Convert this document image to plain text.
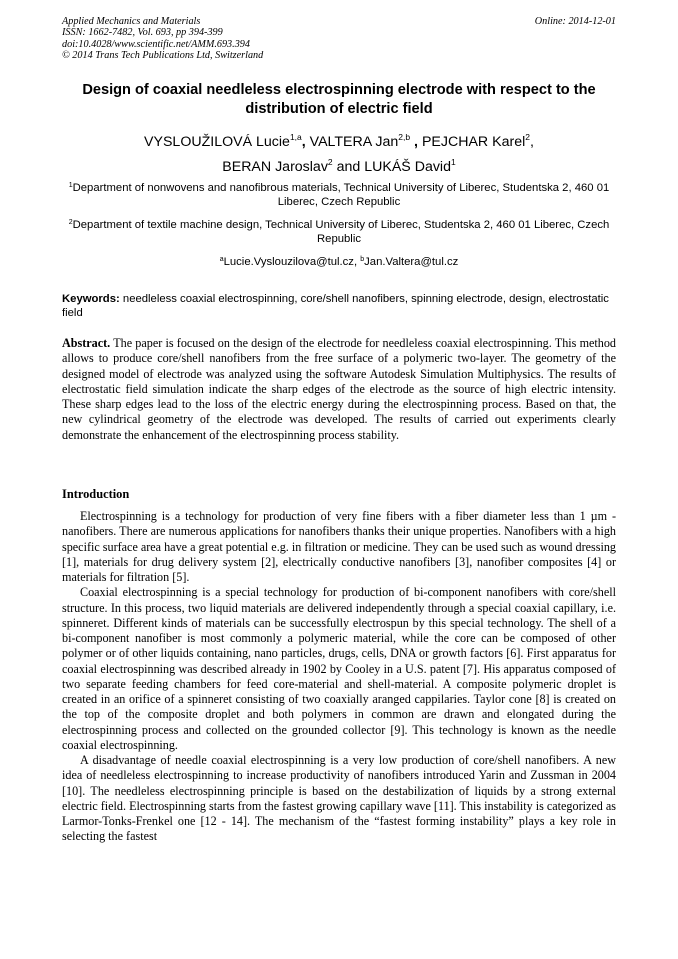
Applied Mechanics and Materials
ISSN: 1662-7482, Vol. 693, pp 394-399
doi:10.4028/www.scientific.net/AMM.693.394
© 2014 Trans Tech Publications Ltd, Switzerland
Online: 2014-12-01
Design of coaxial needleless electrospinning electrode with respect to the distribution of electric field
VYSLOUŽILOVÁ Lucie$^{1,a}$, VALTERA Jan$^{2,b}$ , PEJCHAR Karel$^2$,
BERAN Jaroslav$^2$ and LUKÁŠ David$^1$
$^1$Department of nonwovens and nanofibrous materials, Technical University of Liberec, Studentska 2, 460 01 Liberec, Czech Republic
$^2$Department of textile machine design, Technical University of Liberec, Studentska 2, 460 01 Liberec, Czech Republic
$^a$Lucie.Vyslouzilova@tul.cz, $^b$Jan.Valtera@tul.cz
Keywords: needleless coaxial electrospinning, core/shell nanofibers, spinning electrode, design, electrostatic field
Abstract. The paper is focused on the design of the electrode for needleless coaxial electrospinning. This method allows to produce core/shell nanofibers from the free surface of a polymeric two-layer. The geometry of the designed model of electrode was analyzed using the software Autodesk Simulation Multiphysics. The results of electrostatic field simulation indicate the sharp edges of the electrode as the source of high electric intensity. These sharp edges lead to the loss of the electric energy during the electrospinning process. Based on that, the new cylindrical geometry of the electrode was developed. The results of carried out experiments clearly demonstrate the enhancement of the electrospinning process stability.
Introduction

Electrospinning is a technology for production of very fine fibers with a fiber diameter less than 1 µm - nanofibers. There are numerous applications for nanofibers thanks their unique properties. Nanofibers with a high specific surface area have a great potential e.g. in filtration or medicine. They can be used such as wound dressing [1], materials for drug delivery system [2], electrically conductive nanofibers [3], nanofiber composites [4] or materials for filtration [5].

Coaxial electrospinning is a special technology for production of bi-component nanofibers with core/shell structure. In this process, two liquid materials are delivered independently through a special coaxial capillary, i.e. spinneret. Different kinds of materials can be successfully electrospun by this special technology. The shell of a bi-component nanofiber is most commonly a polymeric material, while the core can be composed of other polymer or of other liquids containing, nano particles, drugs, cells, DNA or growth factors [6]. First apparatus for coaxial electrospinning was described already in 1902 by Cooley in a U.S. patent [7]. His apparatus composed of two separate feeding chambers for feed core-material and shell-material. A composite polymeric droplet is created in an orifice of a spinneret consisting of two coaxially aranged cappilaries. Taylor cone [8] is created on the top of the composite droplet and both polymers in common are drawn and elongated during the electrospinning process and collected on the grounded collector [9]. This technology is known as the needle coaxial electrospinning.

A disadvantage of needle coaxial electrospinning is a very low production of core/shell nanofibers. A new idea of needleless electrospinning to increase productivity of nanofibers introduced Yarin and Zussman in 2004 [10]. The needleless electrospinning principle is based on the destabilization of liquids by a strong external electric field. Electrospinning starts from the fastest growing capillary wave [11]. This instability is categorized as Larmor-Tonks-Frenkel one [12 - 14]. The mechanism of the “fastest forming instability” plays a key role in selecting the fastest
